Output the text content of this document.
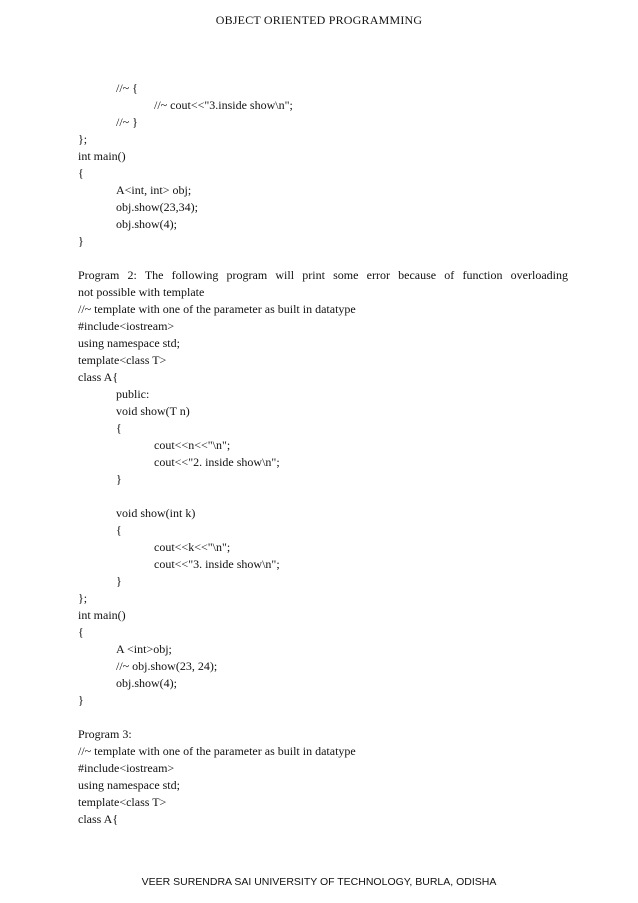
OBJECT ORIENTED PROGRAMMING
//~ {
//~ cout<<"3.inside show\n";
//~ }
};
int main()
{
A<int, int> obj;
obj.show(23,34);
obj.show(4);
}
Program 2: The following program will print some error because of function overloading
not possible with template
//~ template with one of the parameter as built in datatype
#include<iostream>
using namespace std;
template<class T>
class A{
public:
void show(T n)
{
cout<<n<<"\n";
cout<<"2. inside show\n";
}
void show(int k)
{
cout<<k<<"\n";
cout<<"3. inside show\n";
}
};
int main()
{
A <int>obj;
//~ obj.show(23, 24);
obj.show(4);
}
Program 3:
//~ template with one of the parameter as built in datatype
#include<iostream>
using namespace std;
template<class T>
class A{
VEER SURENDRA SAI UNIVERSITY OF TECHNOLOGY, BURLA, ODISHA
